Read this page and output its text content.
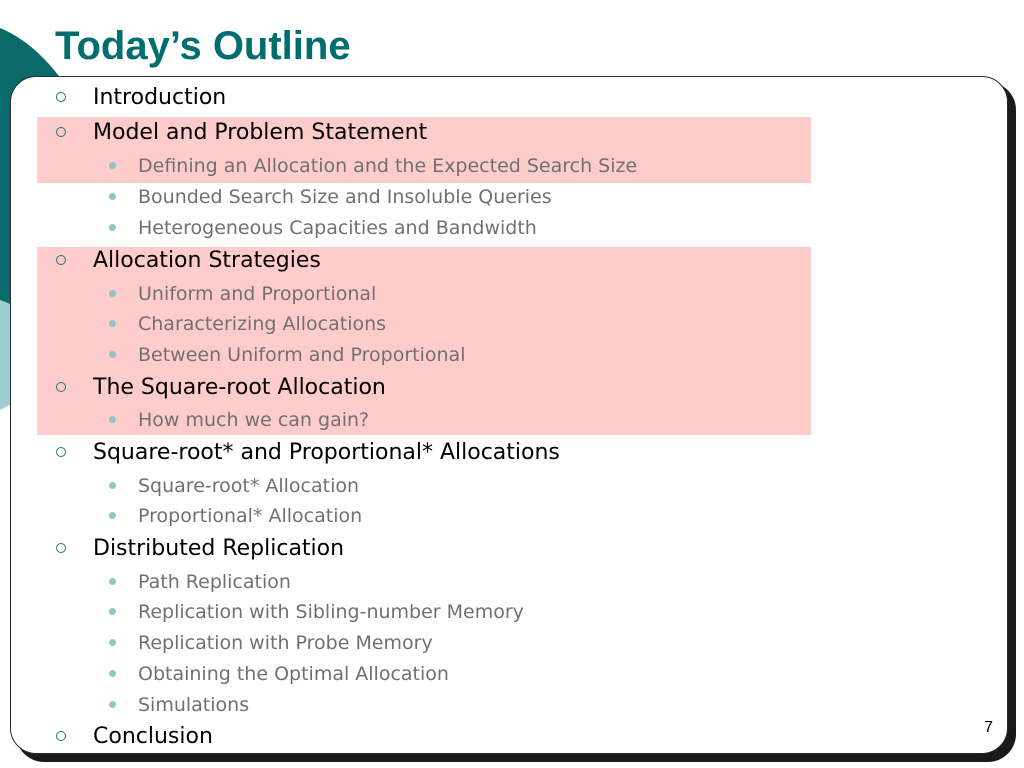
Today’s Outline
Introduction
Model and Problem Statement
Defining an Allocation and the Expected Search Size
Bounded Search Size and Insoluble Queries
Heterogeneous Capacities and Bandwidth
Allocation Strategies
Uniform and Proportional
Characterizing Allocations
Between Uniform and Proportional
The Square-root Allocation
How much we can gain?
Square-root* and Proportional* Allocations
Square-root* Allocation
Proportional* Allocation
Distributed Replication
Path Replication
Replication with Sibling-number Memory
Replication with Probe Memory
Obtaining the Optimal Allocation
Simulations
Conclusion	7
